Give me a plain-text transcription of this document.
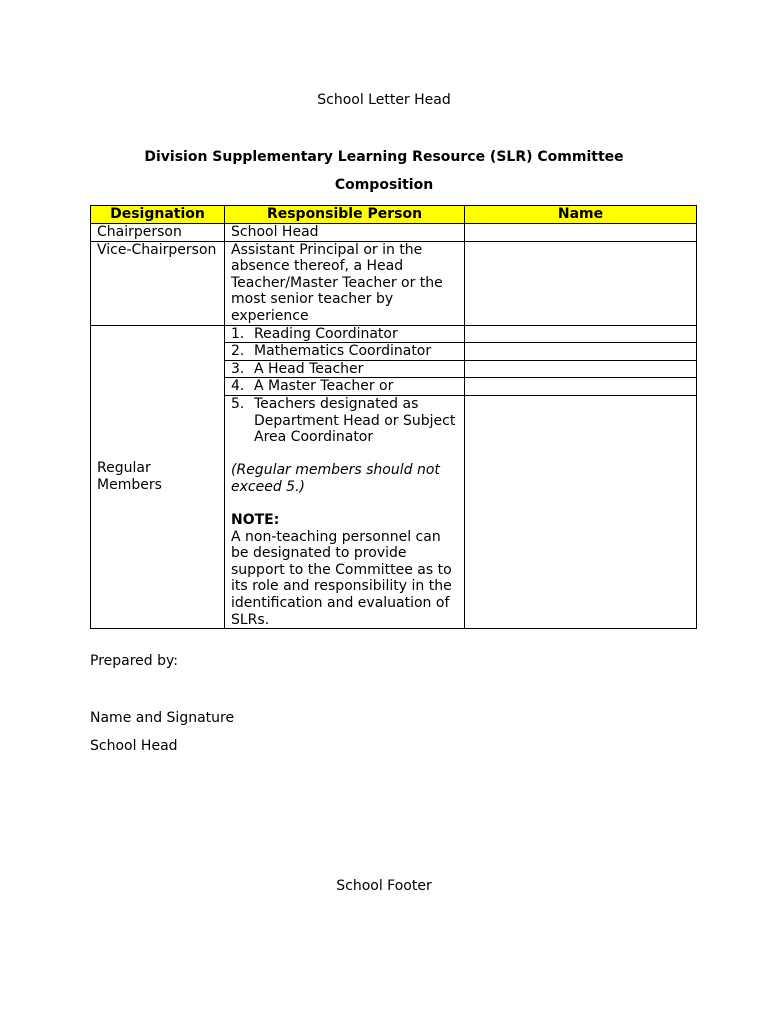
School Letter Head
Division Supplementary Learning Resource (SLR) Committee
Composition
Designation	Responsible Person	Name
Chairperson	School Head	
Vice-Chairperson	Assistant Principal or in the absence thereof, a Head Teacher/Master Teacher or the most senior teacher by experience	
Regular Members	1. Reading Coordinator	

	2. Mathematics Coordinator	

	3. A Head Teacher	

	4. A Master Teacher or	

	5. Teachers designated as Department Head or Subject Area Coordinator
(Regular members should not exceed 5.)
NOTE:
A non-teaching personnel can be designated to provide support to the Committee as to its role and responsibility in the identification and evaluation of SLRs.	

Prepared by:
Name and Signature
School Head
School Footer
